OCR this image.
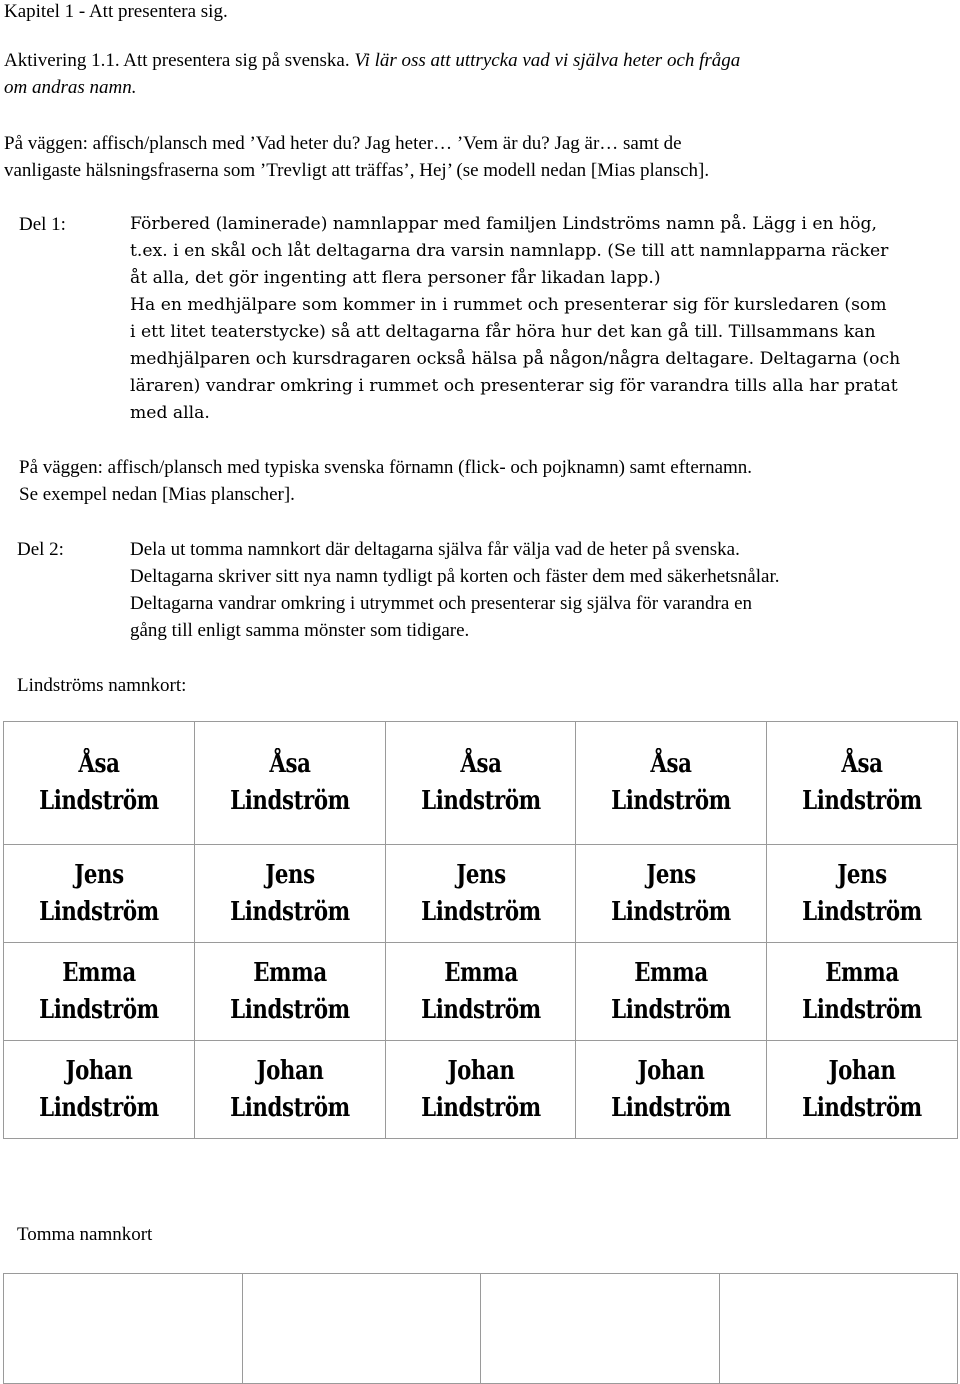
Kapitel 1 - Att presentera sig.
Aktivering 1.1. Att presentera sig på svenska. Vi lär oss att uttrycka vad vi själva heter och fråga
om andras namn.
På väggen: affisch/plansch med ’Vad heter du? Jag heter… ’Vem är du? Jag är… samt de
vanligaste hälsningsfraserna som ’Trevligt att träffas’, Hej’ (se modell nedan [Mias plansch].
Del 1:	Förbered (laminerade) namnlappar med familjen Lindströms namn på. Lägg i en hög,
t.ex. i en skål och låt deltagarna dra varsin namnlapp. (Se till att namnlapparna räcker
åt alla, det gör ingenting att flera personer får likadan lapp.)
Ha en medhjälpare som kommer in i rummet och presenterar sig för kursledaren (som
i ett litet teaterstycke) så att deltagarna får höra hur det kan gå till. Tillsammans kan
medhjälparen och kursdragaren också hälsa på någon/några deltagare. Deltagarna (och
läraren) vandrar omkring i rummet och presenterar sig för varandra tills alla har pratat
med alla.
På väggen: affisch/plansch med typiska svenska förnamn (flick- och pojknamn) samt efternamn.
Se exempel nedan [Mias planscher].
Del 2:	Dela ut tomma namnkort där deltagarna själva får välja vad de heter på svenska.
Deltagarna skriver sitt nya namn tydligt på korten och fäster dem med säkerhetsnålar.
Deltagarna vandrar omkring i utrymmet och presenterar sig själva för varandra en
gång till enligt samma mönster som tidigare.
Lindströms namnkort:
Åsa
Lindström	Åsa
Lindström	Åsa
Lindström	Åsa
Lindström	Åsa
Lindström

Jens
Lindström	Jens
Lindström	Jens
Lindström	Jens
Lindström	Jens
Lindström

Emma
Lindström	Emma
Lindström	Emma
Lindström	Emma
Lindström	Emma
Lindström

Johan
Lindström	Johan
Lindström	Johan
Lindström	Johan
Lindström	Johan
Lindström
Tomma namnkort
